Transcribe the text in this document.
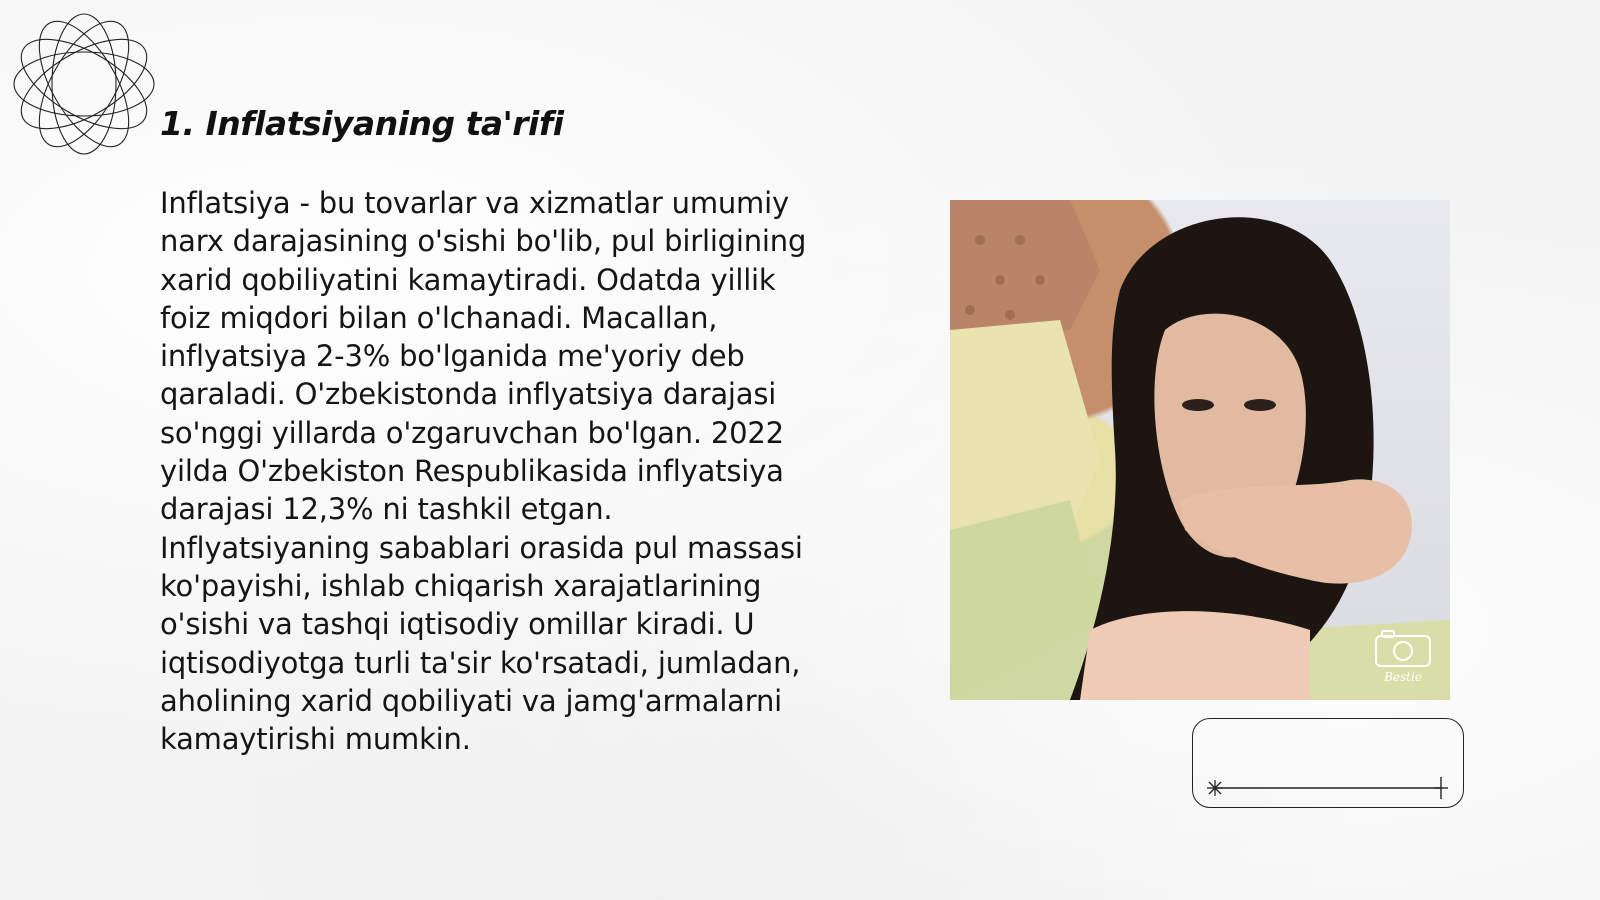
1. Inflatsiyaning ta'rifi

Inflatsiya - bu tovarlar va xizmatlar umumiy
narx darajasining o'sishi bo'lib, pul birligining
xarid qobiliyatini kamaytiradi. Odatda yillik
foiz miqdori bilan o'lchanadi. Macallan,
inflyatsiya 2-3% bo'lganida me'yoriy deb
qaraladi. O'zbekistonda inflyatsiya darajasi
so'nggi yillarda o'zgaruvchan bo'lgan. 2022
yilda O'zbekiston Respublikasida inflyatsiya
darajasi 12,3% ni tashkil etgan.
Inflyatsiyaning sabablari orasida pul massasi
ko'payishi, ishlab chiqarish xarajatlarining
o'sishi va tashqi iqtisodiy omillar kiradi. U
iqtisodiyotga turli ta'sir ko'rsatadi, jumladan,
aholining xarid qobiliyati va jamg'armalarni
kamaytirishi mumkin.

Bestie
